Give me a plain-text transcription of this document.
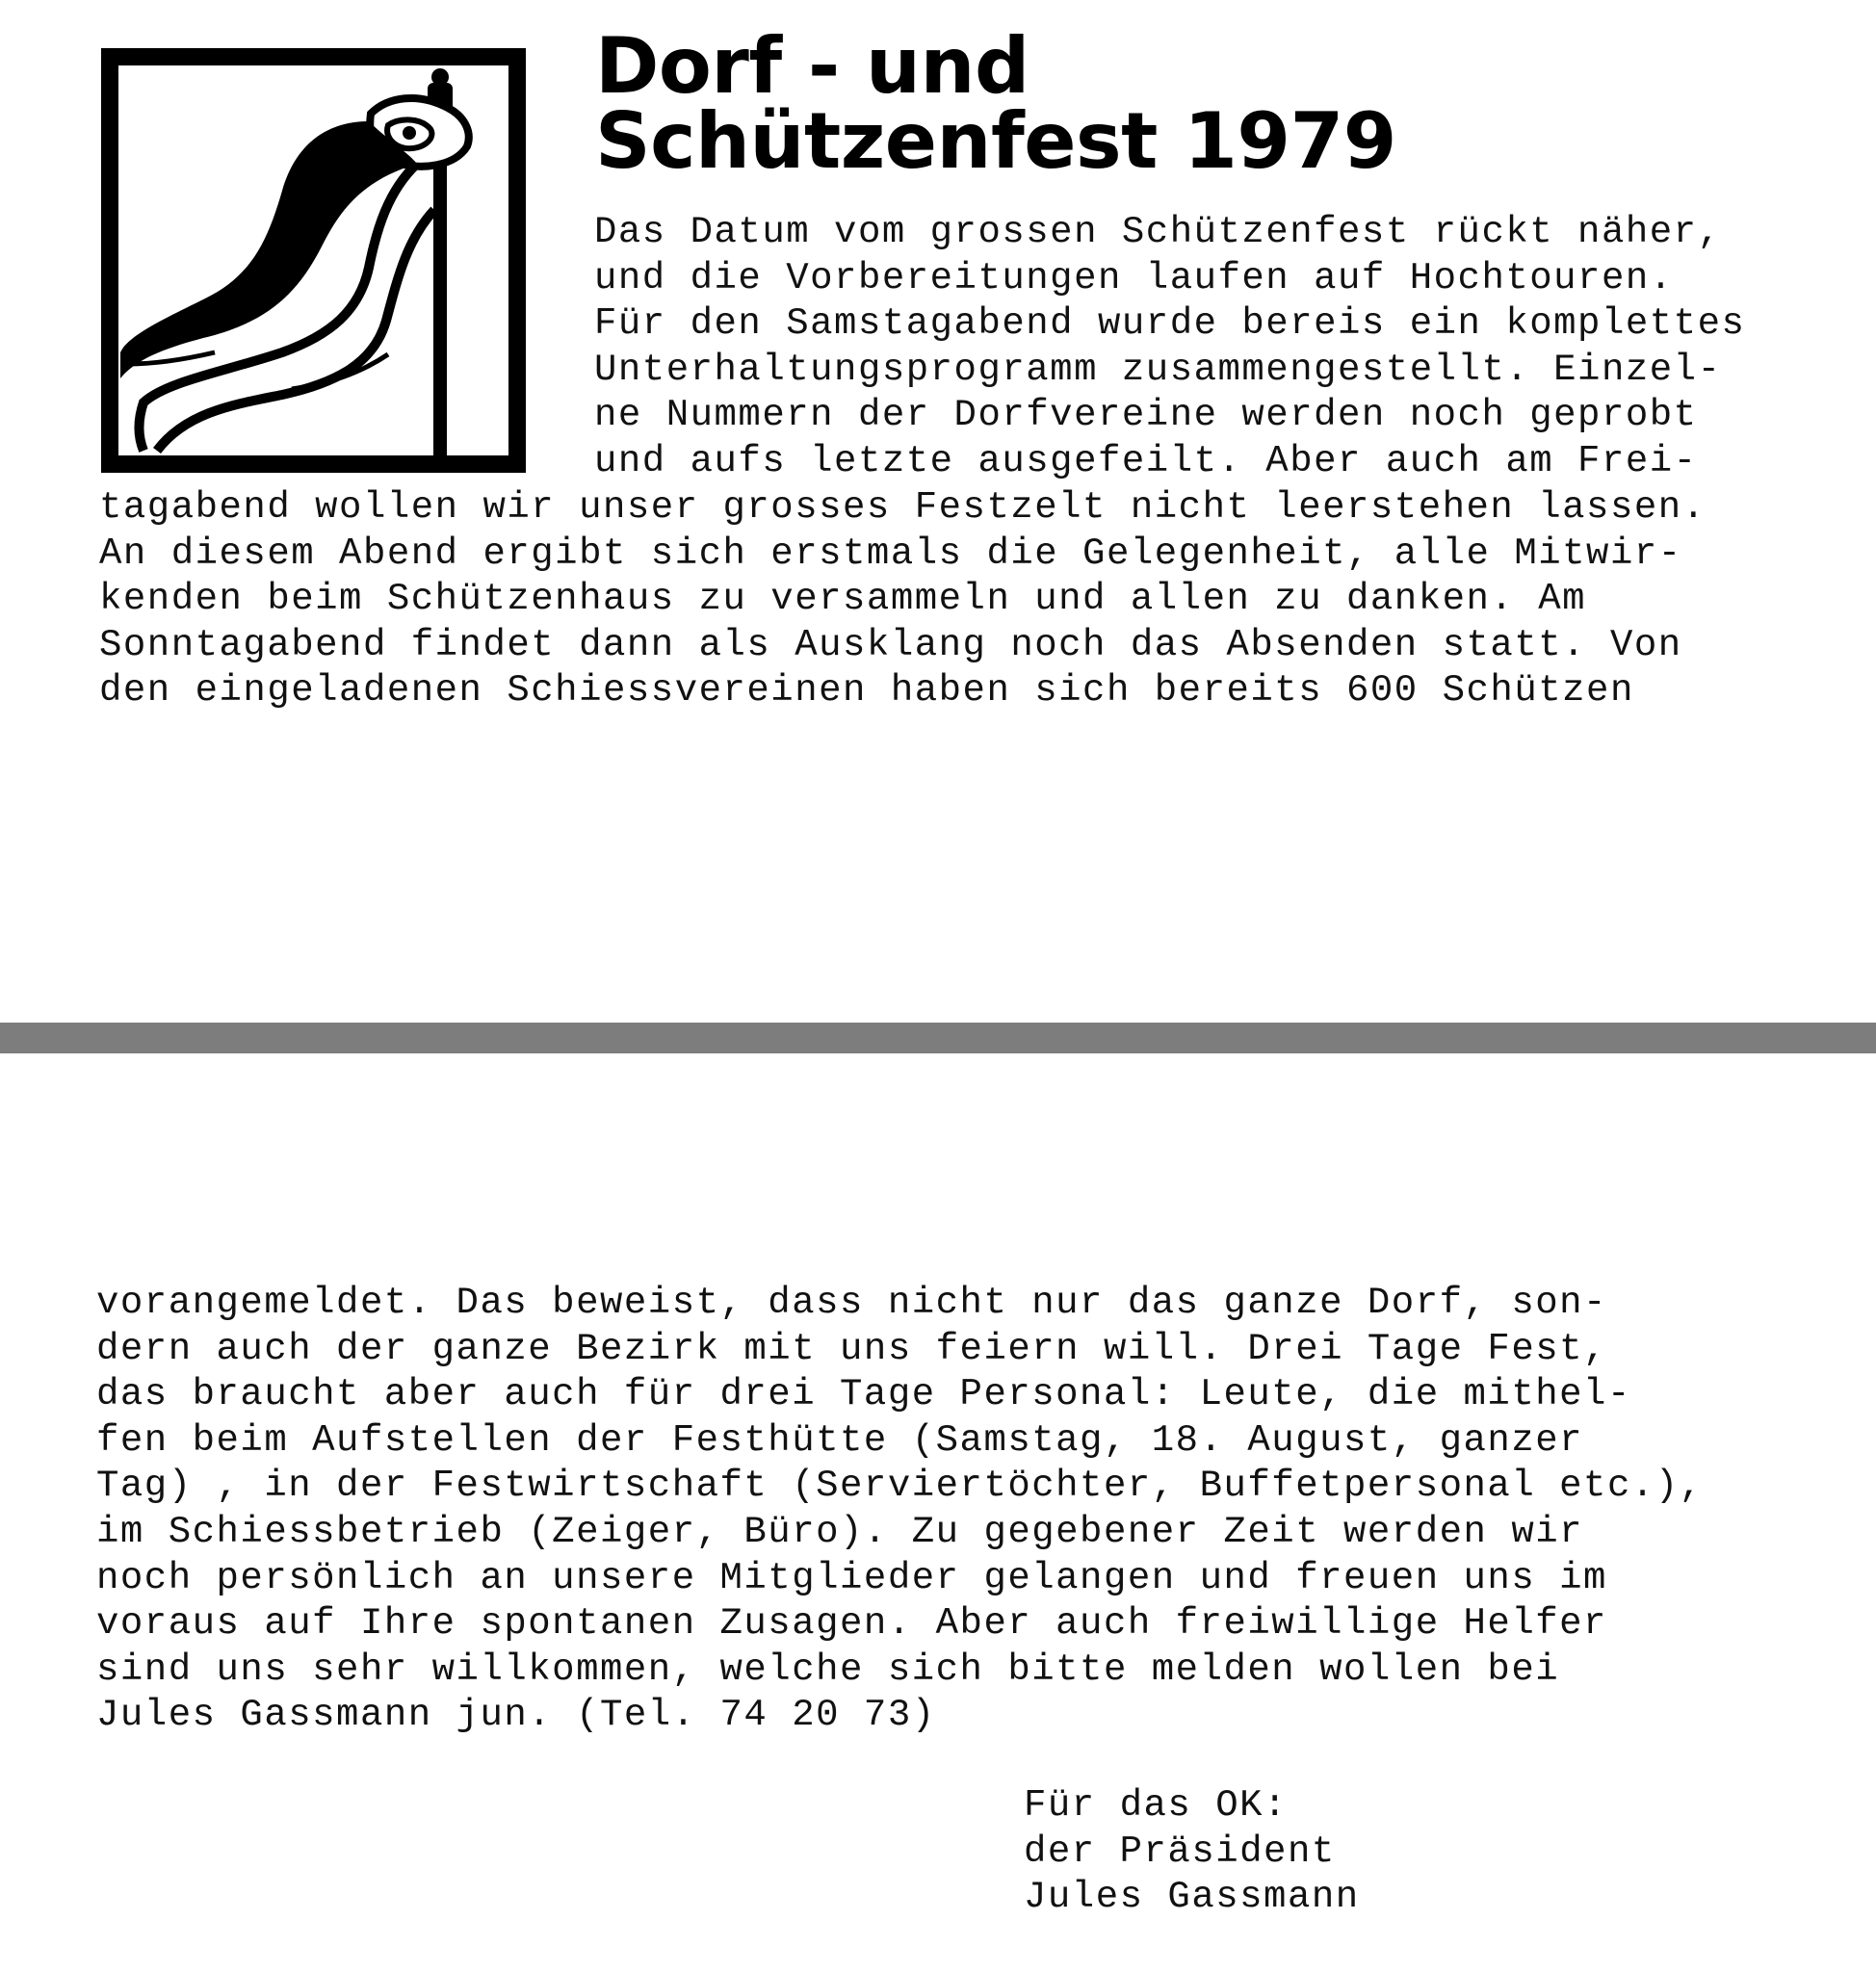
Dorf - und
Schützenfest 1979
Das Datum vom grossen Schützenfest rückt näher,
und die Vorbereitungen laufen auf Hochtouren.
Für den Samstagabend wurde bereis ein komplettes
Unterhaltungsprogramm zusammengestellt. Einzel-
ne Nummern der Dorfvereine werden noch geprobt
und aufs letzte ausgefeilt. Aber auch am Frei-
tagabend wollen wir unser grosses Festzelt nicht leerstehen lassen.
An diesem Abend ergibt sich erstmals die Gelegenheit, alle Mitwir-
kenden beim Schützenhaus zu versammeln und allen zu danken. Am
Sonntagabend findet dann als Ausklang noch das Absenden statt. Von
den eingeladenen Schiessvereinen haben sich bereits 600 Schützen
vorangemeldet. Das beweist, dass nicht nur das ganze Dorf, son-
dern auch der ganze Bezirk mit uns feiern will. Drei Tage Fest,
das braucht aber auch für drei Tage Personal: Leute, die mithel-
fen beim Aufstellen der Festhütte (Samstag, 18. August, ganzer
Tag) , in der Festwirtschaft (Serviertöchter, Buffetpersonal etc.),
im Schiessbetrieb (Zeiger, Büro). Zu gegebener Zeit werden wir
noch persönlich an unsere Mitglieder gelangen und freuen uns im
voraus auf Ihre spontanen Zusagen. Aber auch freiwillige Helfer
sind uns sehr willkommen, welche sich bitte melden wollen bei
Jules Gassmann jun. (Tel. 74 20 73)
Für das OK:
der Präsident
Jules Gassmann
